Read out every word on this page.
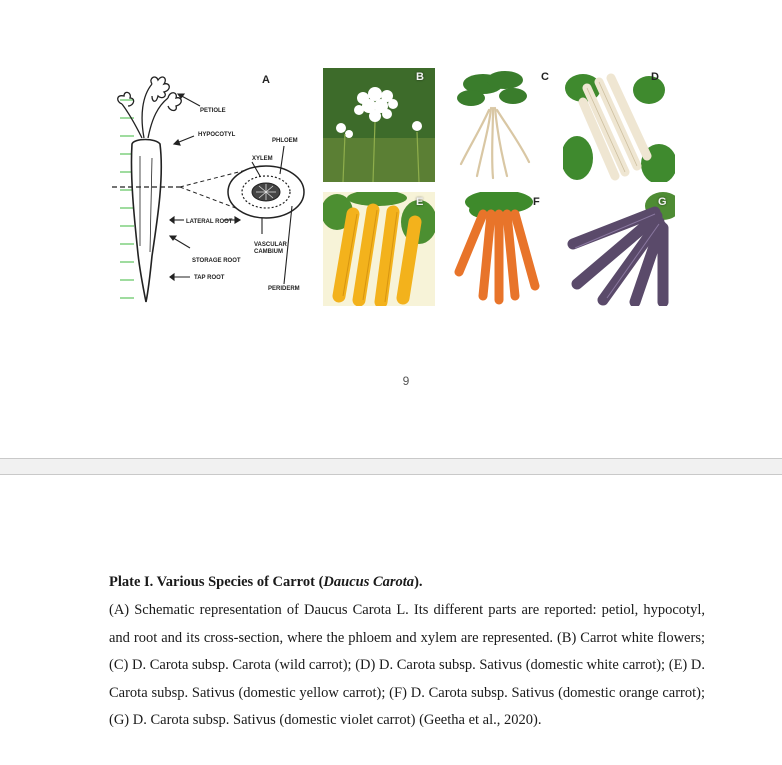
A
PETIOLE
HYPOCOTYL
PHLOEM
XYLEM
LATERAL ROOT
VASCULAR
CAMBIUM
STORAGE ROOT
TAP ROOT
PERIDERM
B	C	D
E	F	G
9
Plate I. Various Species of Carrot (Daucus Carota).

(A) Schematic representation of Daucus Carota L. Its different parts are reported: petiol, hypocotyl, and root and its cross-section, where the phloem and xylem are represented. (B) Carrot white flowers; (C) D. Carota subsp. Carota (wild carrot); (D) D. Carota subsp. Sativus (domestic white carrot); (E) D. Carota subsp. Sativus (domestic yellow carrot); (F) D. Carota subsp. Sativus (domestic orange carrot); (G) D. Carota subsp. Sativus (domestic violet carrot) (Geetha et al., 2020).
